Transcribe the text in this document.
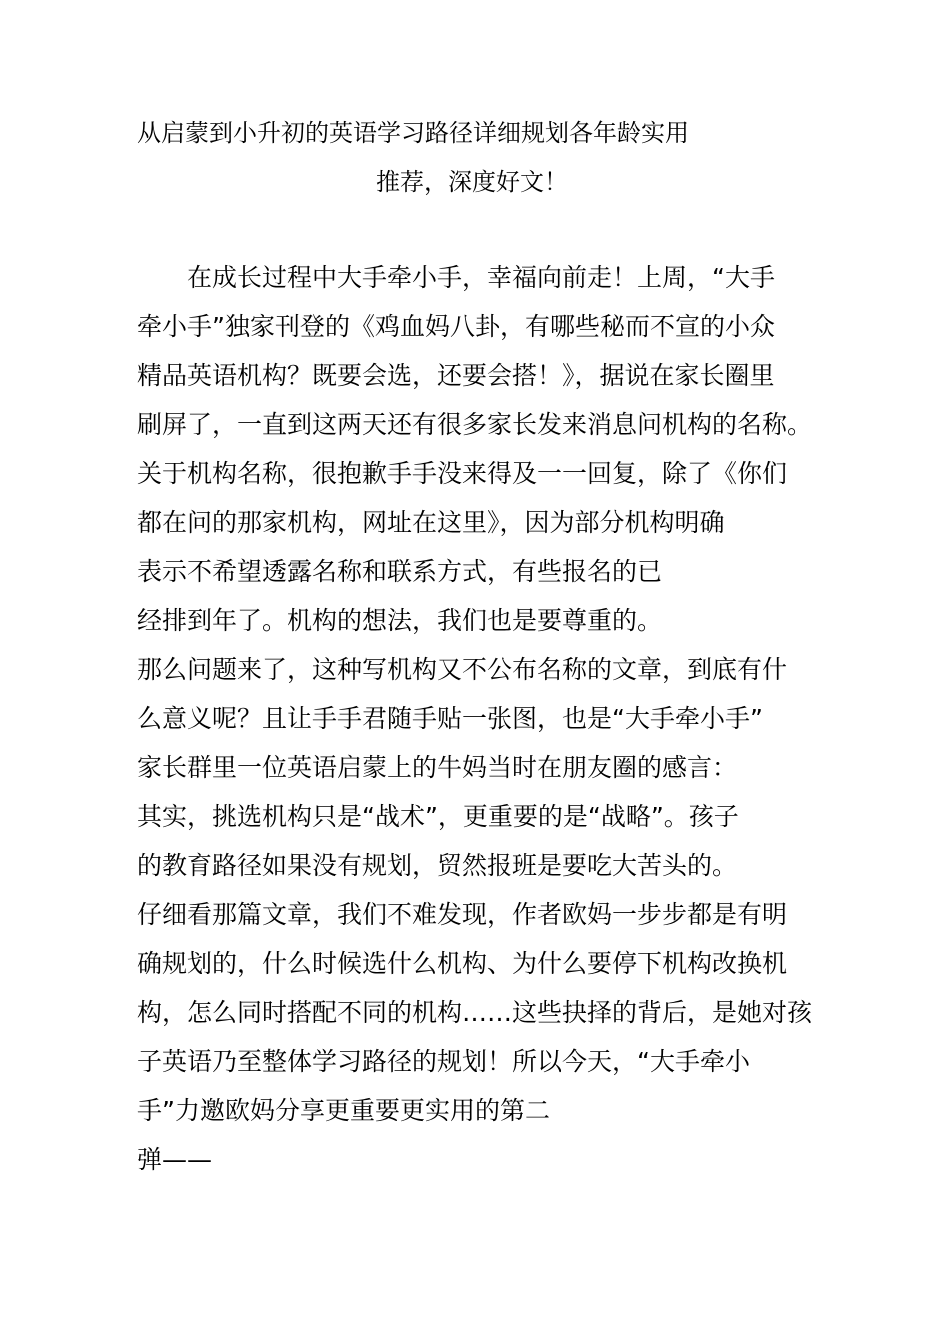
从启蒙到小升初的英语学习路径详细规划各年龄实用
推荐，深度好文！
在成长过程中大手牵小手，幸福向前走！上周，“大手
牵小手”独家刊登的《鸡血妈八卦，有哪些秘而不宣的小众
精品英语机构？既要会选，还要会搭！》，据说在家长圈里
刷屏了，一直到这两天还有很多家长发来消息问机构的名称。
关于机构名称，很抱歉手手没来得及一一回复，除了《你们
都在问的那家机构，网址在这里》，因为部分机构明确
表示不希望透露名称和联系方式，有些报名的已
经排到年了。机构的想法，我们也是要尊重的。
那么问题来了，这种写机构又不公布名称的文章，到底有什
么意义呢？且让手手君随手贴一张图，也是“大手牵小手”
家长群里一位英语启蒙上的牛妈当时在朋友圈的感言：
其实，挑选机构只是“战术”，更重要的是“战略”。孩子
的教育路径如果没有规划，贸然报班是要吃大苦头的。
仔细看那篇文章，我们不难发现，作者欧妈一步步都是有明
确规划的，什么时候选什么机构、为什么要停下机构改换机
构，怎么同时搭配不同的机构……这些抉择的背后，是她对孩
子英语乃至整体学习路径的规划！所以今天，“大手牵小
手”力邀欧妈分享更重要更实用的第二
弹——
